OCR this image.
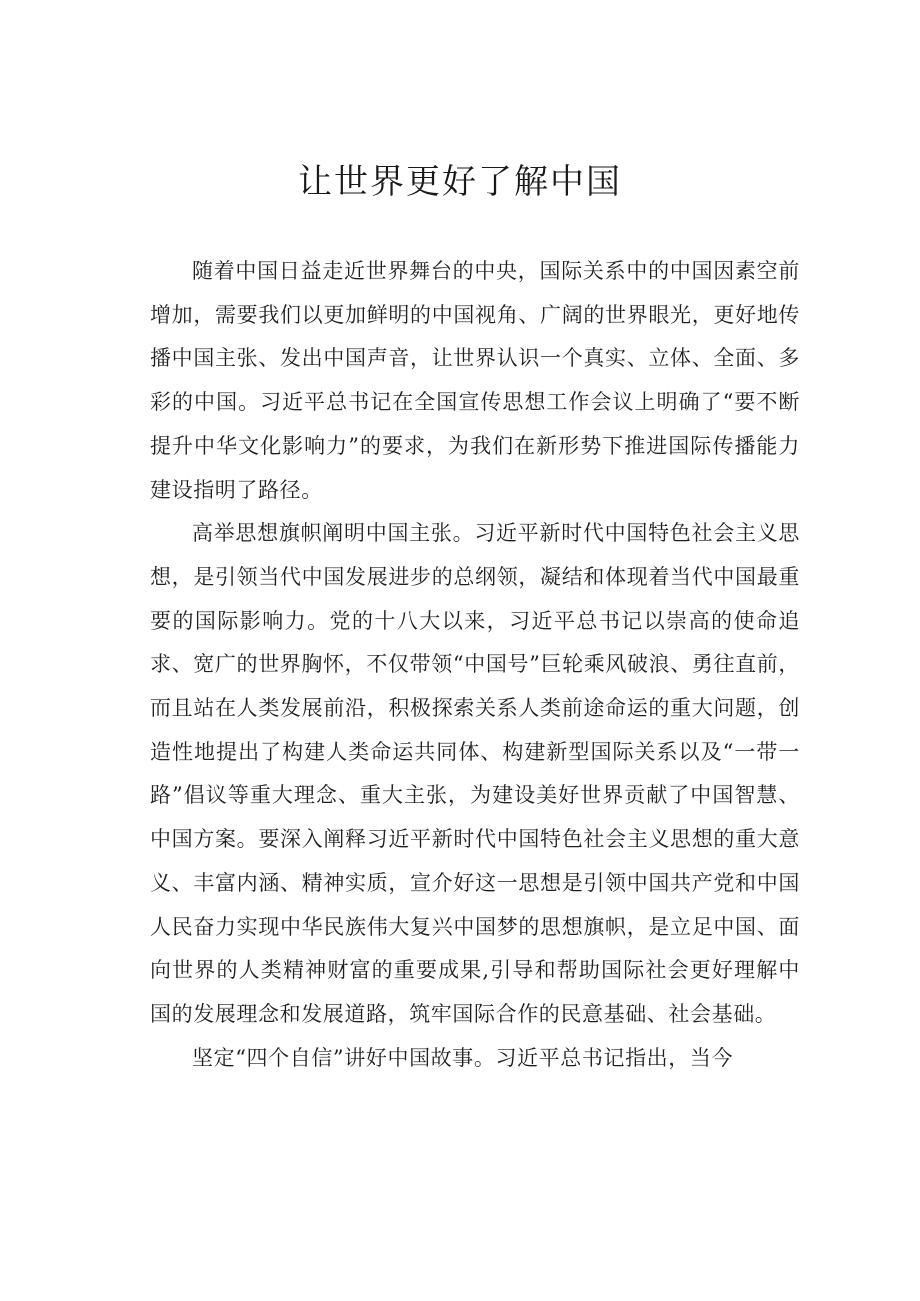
让世界更好了解中国

随着中国日益走近世界舞台的中央，国际关系中的中国因素空前增加，需要我们以更加鲜明的中国视角、广阔的世界眼光，更好地传播中国主张、发出中国声音，让世界认识一个真实、立体、全面、多彩的中国。习近平总书记在全国宣传思想工作会议上明确了“要不断提升中华文化影响力”的要求，为我们在新形势下推进国际传播能力建设指明了路径。

高举思想旗帜阐明中国主张。习近平新时代中国特色社会主义思想，是引领当代中国发展进步的总纲领，凝结和体现着当代中国最重要的国际影响力。党的十八大以来，习近平总书记以崇高的使命追求、宽广的世界胸怀，不仅带领“中国号”巨轮乘风破浪、勇往直前，而且站在人类发展前沿，积极探索关系人类前途命运的重大问题，创造性地提出了构建人类命运共同体、构建新型国际关系以及“一带一路”倡议等重大理念、重大主张，为建设美好世界贡献了中国智慧、中国方案。要深入阐释习近平新时代中国特色社会主义思想的重大意义、丰富内涵、精神实质，宣介好这一思想是引领中国共产党和中国人民奋力实现中华民族伟大复兴中国梦的思想旗帜，是立足中国、面向世界的人类精神财富的重要成果,引导和帮助国际社会更好理解中国的发展理念和发展道路，筑牢国际合作的民意基础、社会基础。

坚定“四个自信”讲好中国故事。习近平总书记指出，当今
